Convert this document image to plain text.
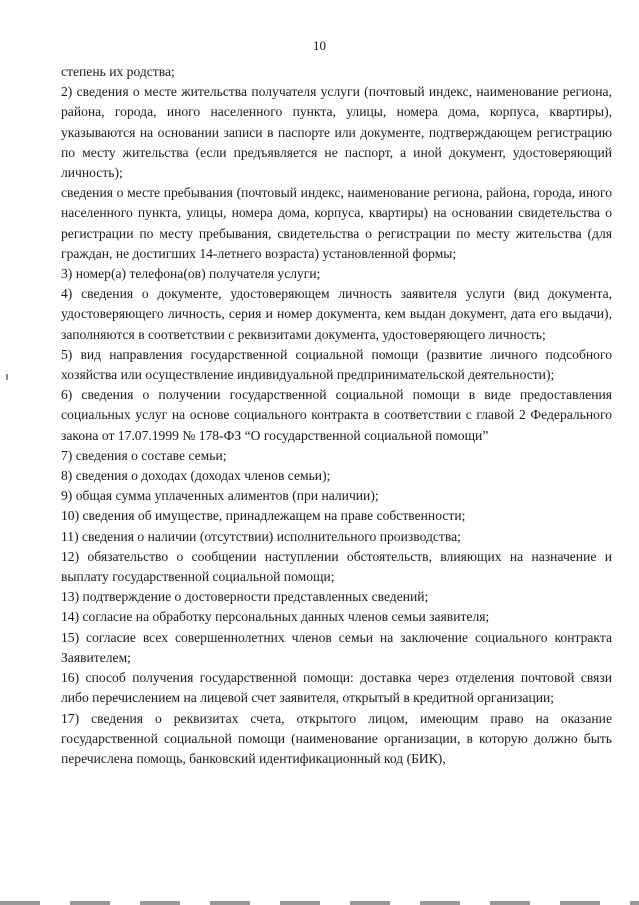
10

степень их родства;

2) сведения о месте жительства получателя услуги (почтовый индекс, наименование региона, района, города, иного населенного пункта, улицы, номера дома, корпуса, квартиры), указываются на основании записи в паспорте или документе, подтверждающем регистрацию по месту жительства (если предъявляется не паспорт, а иной документ, удостоверяющий личность);

сведения о месте пребывания (почтовый индекс, наименование региона, района, города, иного населенного пункта, улицы, номера дома, корпуса, квартиры) на основании свидетельства о регистрации по месту пребывания, свидетельства о регистрации по месту жительства (для граждан, не достигших 14-летнего возраста) установленной формы;

3) номер(а) телефона(ов) получателя услуги;

4) сведения о документе, удостоверяющем личность заявителя услуги (вид документа, удостоверяющего личность, серия и номер документа, кем выдан документ, дата его выдачи), заполняются в соответствии с реквизитами документа, удостоверяющего личность;

5) вид направления государственной социальной помощи (развитие личного подсобного хозяйства или осуществление индивидуальной предпринимательской деятельности);

6) сведения о получении государственной социальной помощи в виде предоставления социальных услуг на основе социального контракта в соответствии с главой 2 Федерального закона от 17.07.1999 № 178-ФЗ “О государственной социальной помощи”

7) сведения о составе семьи;

8) сведения о доходах (доходах членов семьи);

9) общая сумма уплаченных алиментов (при наличии);

10) сведения об имуществе, принадлежащем на праве собственности;

11) сведения о наличии (отсутствии) исполнительного производства;

12) обязательство о сообщении наступлении обстоятельств, влияющих на назначение и выплату государственной социальной помощи;

13) подтверждение о достоверности представленных сведений;

14) согласие на обработку персональных данных членов семьи заявителя;

15) согласие всех совершеннолетних членов семьи на заключение социального контракта Заявителем;

16) способ получения государственной помощи: доставка через отделения почтовой связи либо перечислением на лицевой счет заявителя, открытый в кредитной организации;

17) сведения о реквизитах счета, открытого лицом, имеющим право на оказание государственной социальной помощи (наименование организации, в которую должно быть перечислена помощь, банковский идентификационный код (БИК),
